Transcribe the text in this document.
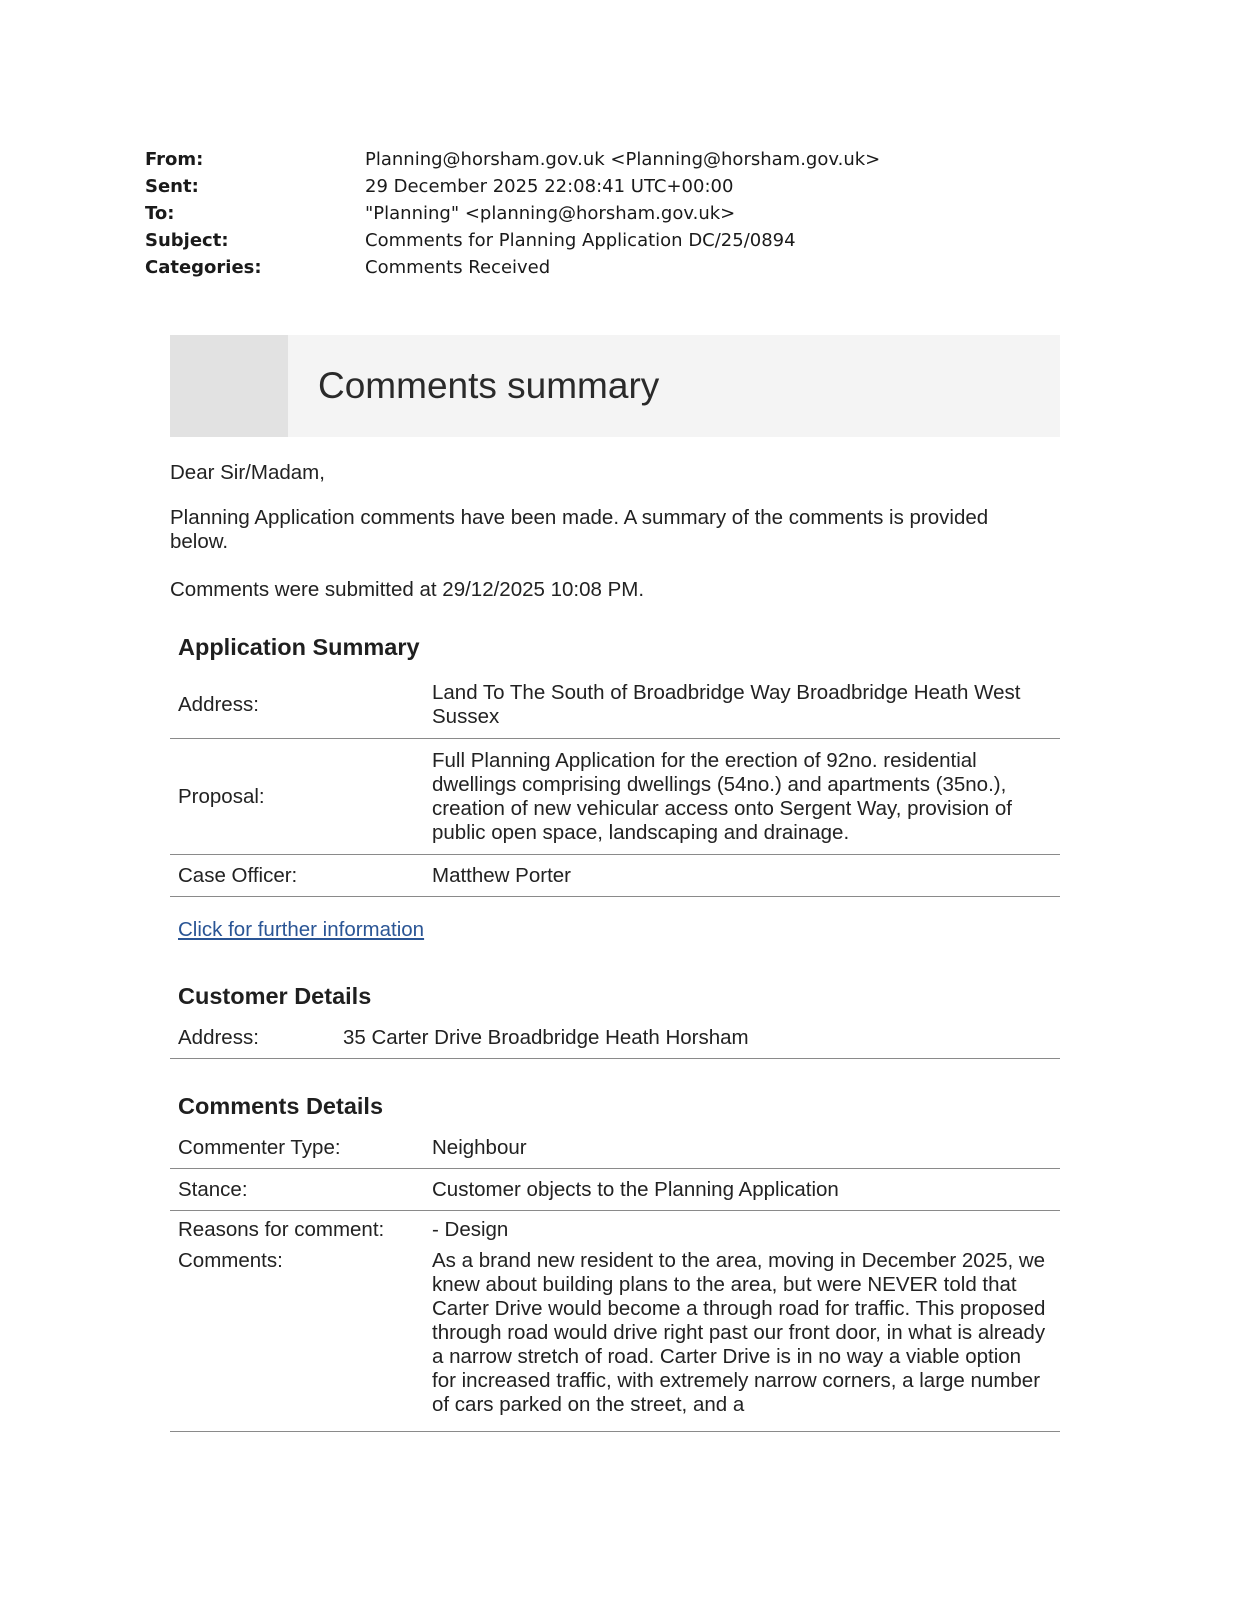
From:	Planning@horsham.gov.uk <Planning@horsham.gov.uk>
Sent:	29 December 2025 22:08:41 UTC+00:00
To:	"Planning" <planning@horsham.gov.uk>
Subject:	Comments for Planning Application DC/25/0894
Categories:	Comments Received
Comments summary
Dear Sir/Madam,
Planning Application comments have been made. A summary of the comments is provided below.
Comments were submitted at 29/12/2025 10:08 PM.
Application Summary
Address:
Land To The South of Broadbridge Way Broadbridge Heath West Sussex
Proposal:
Full Planning Application for the erection of 92no. residential dwellings comprising dwellings (54no.) and apartments (35no.), creation of new vehicular access onto Sergent Way, provision of public open space, landscaping and drainage.
Case Officer:	Matthew Porter
Click for further information
Customer Details
Address:	35 Carter Drive Broadbridge Heath Horsham
Comments Details
Commenter Type:	Neighbour
Stance:	Customer objects to the Planning Application
Reasons for comment:	- Design
Comments:	As a brand new resident to the area, moving in December 2025, we knew about building plans to the area, but were NEVER told that Carter Drive would become a through road for traffic. This proposed through road would drive right past our front door, in what is already a narrow stretch of road. Carter Drive is in no way a viable option for increased traffic, with extremely narrow corners, a large number of cars parked on the street, and a
